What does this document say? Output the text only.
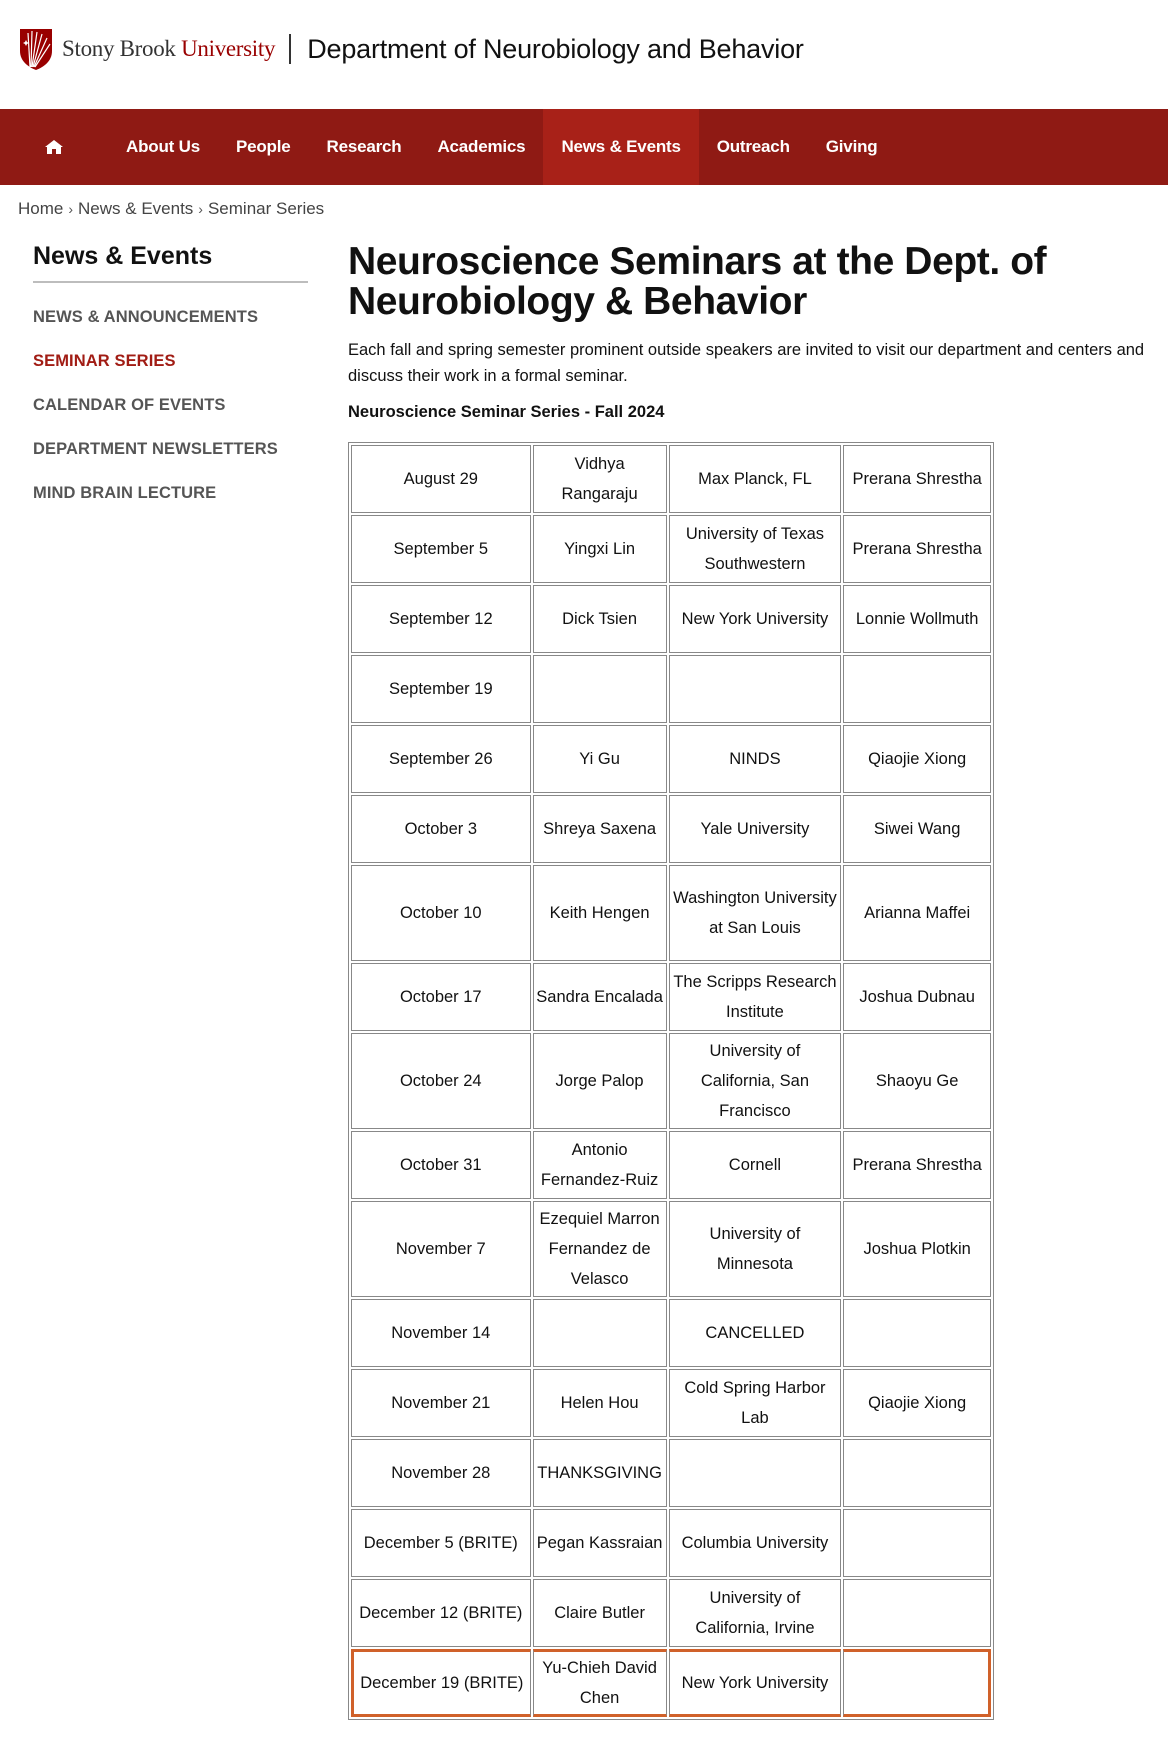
Stony Brook University Department of Neurobiology and Behavior
About Us	People	Research	Academics	News & Events	Outreach	Giving
Home › News & Events › Seminar Series
News & Events
NEWS & ANNOUNCEMENTS
SEMINAR SERIES
CALENDAR OF EVENTS
DEPARTMENT NEWSLETTERS
MIND BRAIN LECTURE
Neuroscience Seminars at the Dept. of Neurobiology & Behavior

Each fall and spring semester prominent outside speakers are invited to visit our department and centers and discuss their work in a formal seminar.

Neuroscience Seminar Series - Fall 2024

August 29	Vidhya Rangaraju	Max Planck, FL	Prerana Shrestha
September 5	Yingxi Lin	University of Texas Southwestern	Prerana Shrestha
September 12	Dick Tsien	New York University	Lonnie Wollmuth
September 19			
September 26	Yi Gu	NINDS	Qiaojie Xiong
October 3	Shreya Saxena	Yale University	Siwei Wang
October 10	Keith Hengen	Washington University at San Louis	Arianna Maffei
October 17	Sandra Encalada	The Scripps Research Institute	Joshua Dubnau
October 24	Jorge Palop	University of California, San Francisco	Shaoyu Ge
October 31	Antonio Fernandez-Ruiz	Cornell	Prerana Shrestha
November 7	Ezequiel Marron Fernandez de Velasco	University of Minnesota	Joshua Plotkin
November 14		CANCELLED	
November 21	Helen Hou	Cold Spring Harbor Lab	Qiaojie Xiong
November 28	THANKSGIVING		
December 5 (BRITE)	Pegan Kassraian	Columbia University	
December 12 (BRITE)	Claire Butler	University of California, Irvine	
December 19 (BRITE)	Yu-Chieh David Chen	New York University	
